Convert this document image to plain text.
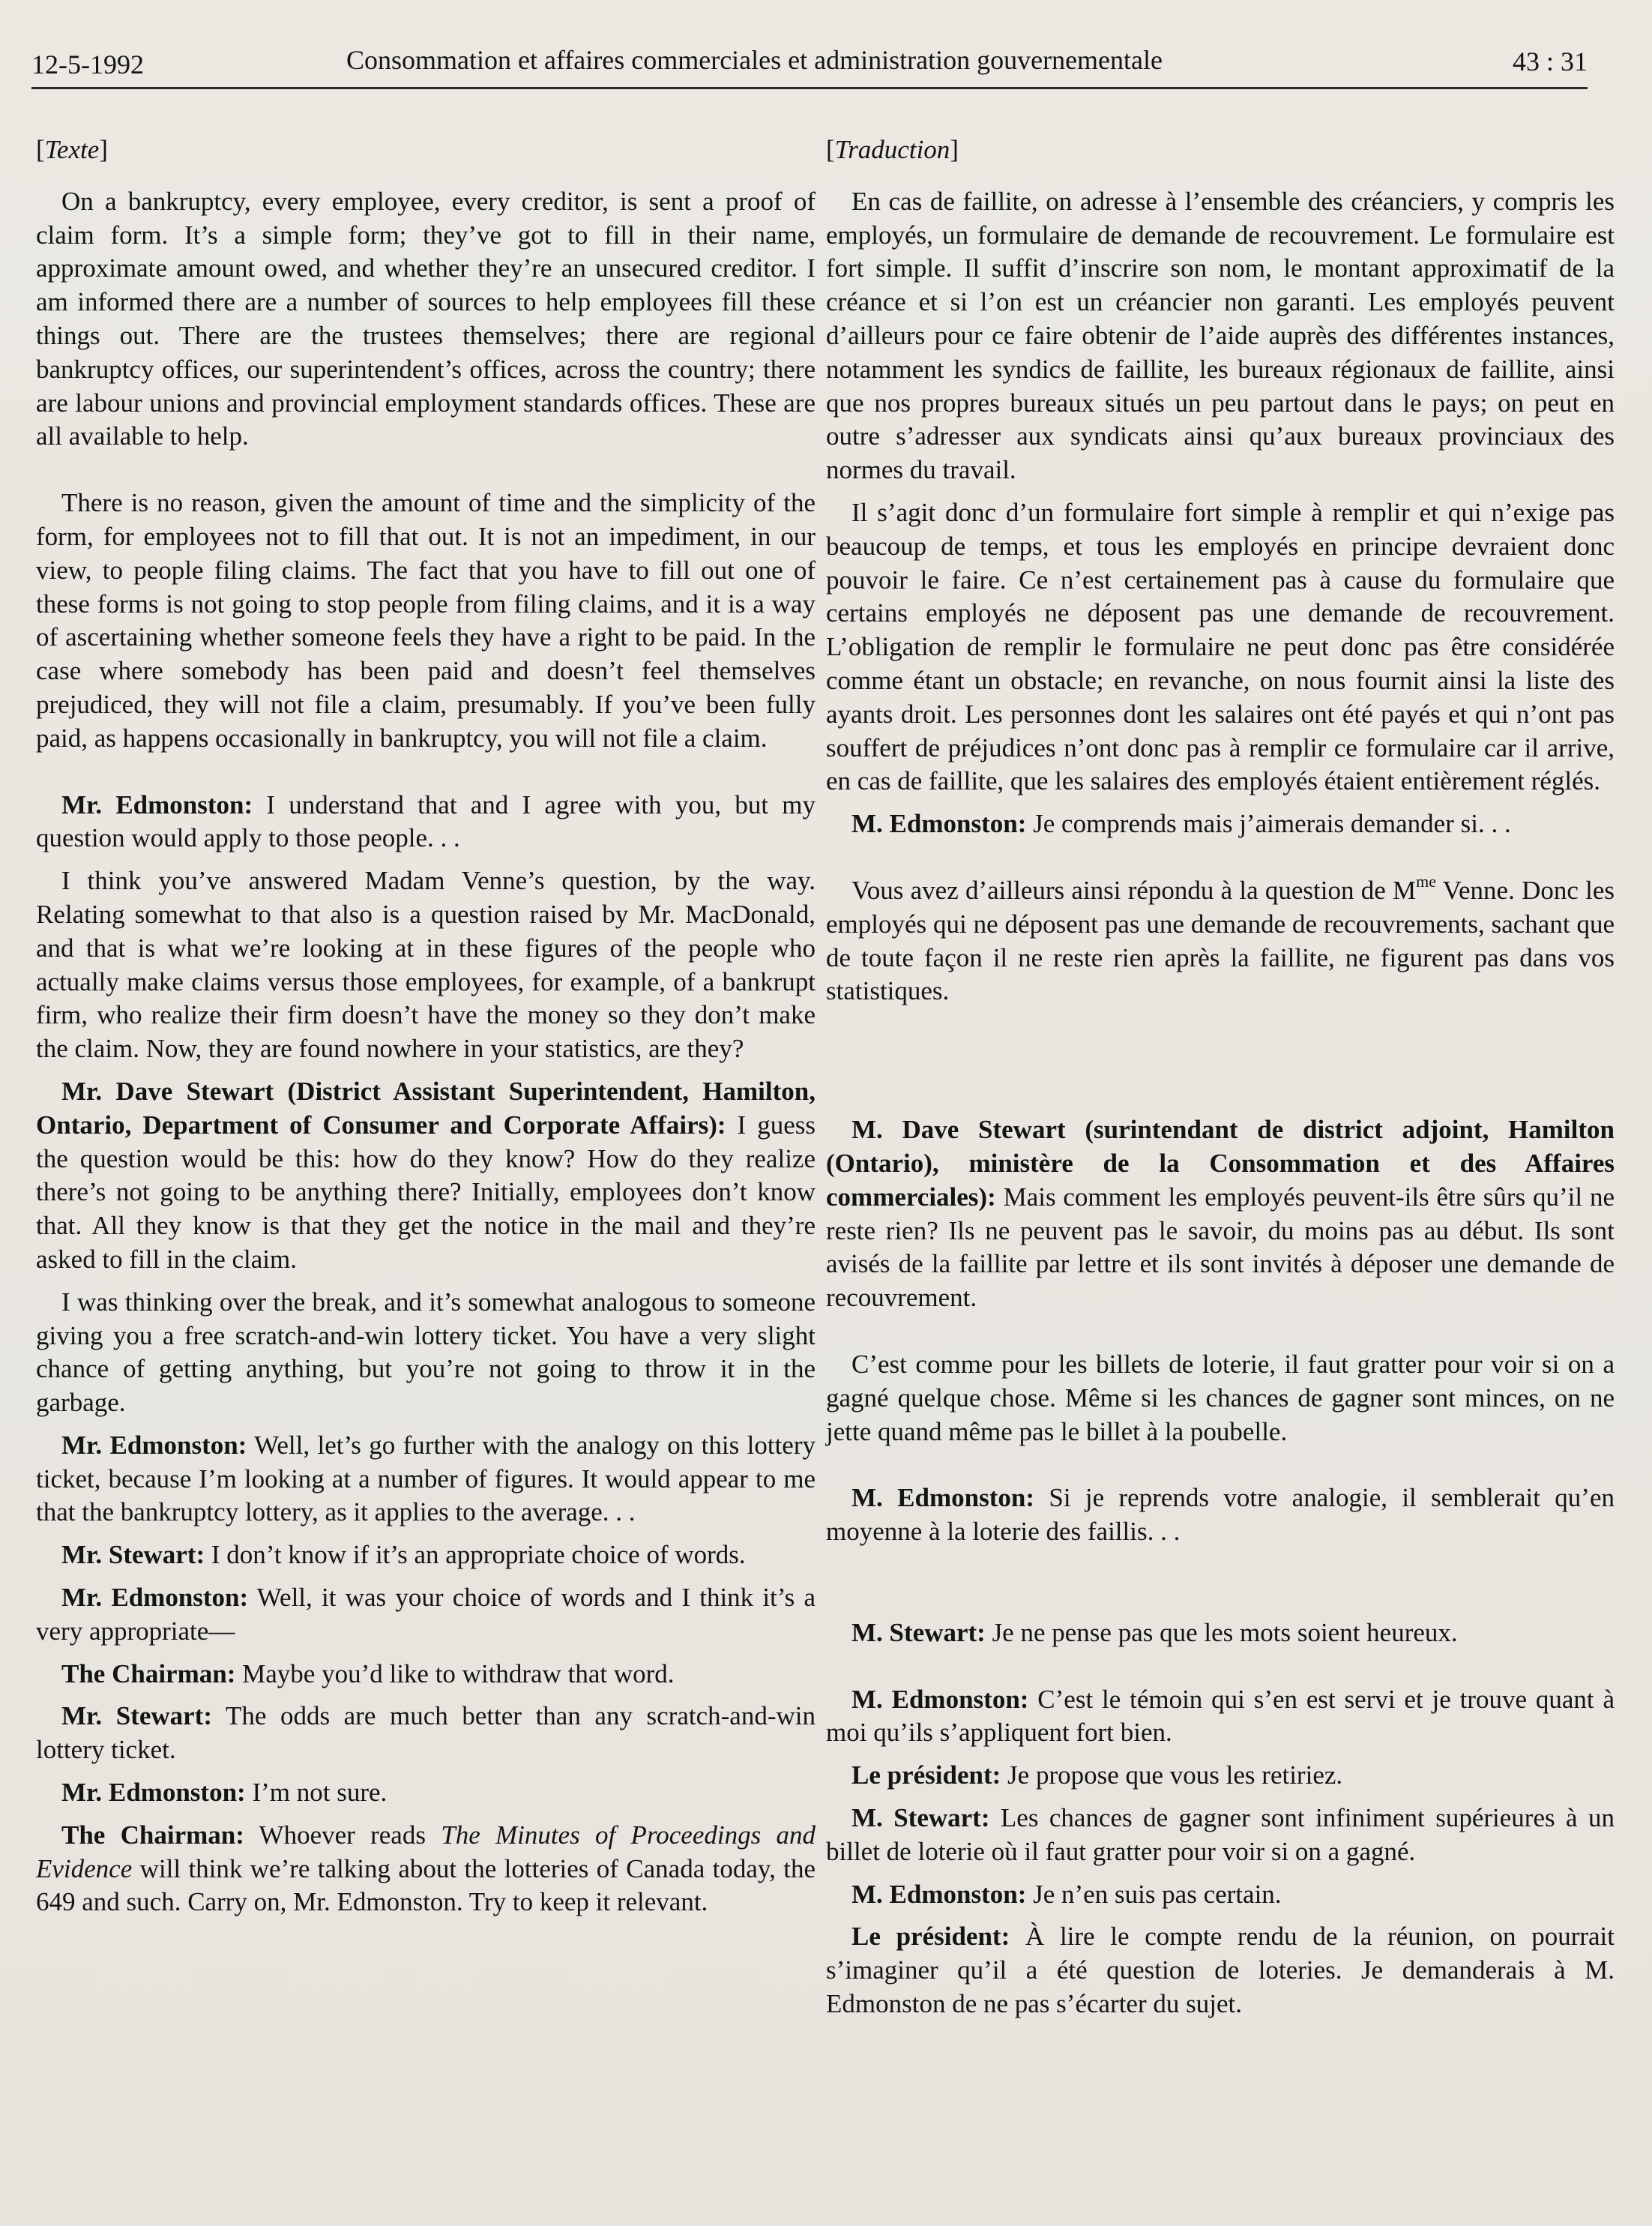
12-5-1992	Consommation et affaires commerciales et administration gouvernementale	43 : 31
[Texte]

On a bankruptcy, every employee, every creditor, is sent a proof of claim form. It’s a simple form; they’ve got to fill in their name, approximate amount owed, and whether they’re an unsecured creditor. I am informed there are a number of sources to help employees fill these things out. There are the trustees themselves; there are regional bankruptcy offices, our superintendent’s offices, across the country; there are labour unions and provincial employment standards offices. These are all available to help.

There is no reason, given the amount of time and the simplicity of the form, for employees not to fill that out. It is not an impediment, in our view, to people filing claims. The fact that you have to fill out one of these forms is not going to stop people from filing claims, and it is a way of ascertaining whether someone feels they have a right to be paid. In the case where somebody has been paid and doesn’t feel themselves prejudiced, they will not file a claim, presumably. If you’ve been fully paid, as happens occasionally in bankruptcy, you will not file a claim.

Mr. Edmonston: I understand that and I agree with you, but my question would apply to those people. . .

I think you’ve answered Madam Venne’s question, by the way. Relating somewhat to that also is a question raised by Mr. MacDonald, and that is what we’re looking at in these figures of the people who actually make claims versus those employees, for example, of a bankrupt firm, who realize their firm doesn’t have the money so they don’t make the claim. Now, they are found nowhere in your statistics, are they?

Mr. Dave Stewart (District Assistant Superintendent, Hamilton, Ontario, Department of Consumer and Corporate Affairs): I guess the question would be this: how do they know? How do they realize there’s not going to be anything there? Initially, employees don’t know that. All they know is that they get the notice in the mail and they’re asked to fill in the claim.

I was thinking over the break, and it’s somewhat analogous to someone giving you a free scratch-and-win lottery ticket. You have a very slight chance of getting anything, but you’re not going to throw it in the garbage.

Mr. Edmonston: Well, let’s go further with the analogy on this lottery ticket, because I’m looking at a number of figures. It would appear to me that the bankruptcy lottery, as it applies to the average. . .

Mr. Stewart: I don’t know if it’s an appropriate choice of words.

Mr. Edmonston: Well, it was your choice of words and I think it’s a very appropriate—

The Chairman: Maybe you’d like to withdraw that word.

Mr. Stewart: The odds are much better than any scratch-and-win lottery ticket.

Mr. Edmonston: I’m not sure.

The Chairman: Whoever reads The Minutes of Proceedings and Evidence will think we’re talking about the lotteries of Canada today, the 649 and such. Carry on, Mr. Edmonston. Try to keep it relevant.

[Traduction]

En cas de faillite, on adresse à l’ensemble des créanciers, y compris les employés, un formulaire de demande de recouvrement. Le formulaire est fort simple. Il suffit d’inscrire son nom, le montant approximatif de la créance et si l’on est un créancier non garanti. Les employés peuvent d’ailleurs pour ce faire obtenir de l’aide auprès des différentes instances, notamment les syndics de faillite, les bureaux régionaux de faillite, ainsi que nos propres bureaux situés un peu partout dans le pays; on peut en outre s’adresser aux syndicats ainsi qu’aux bureaux provinciaux des normes du travail.

Il s’agit donc d’un formulaire fort simple à remplir et qui n’exige pas beaucoup de temps, et tous les employés en principe devraient donc pouvoir le faire. Ce n’est certainement pas à cause du formulaire que certains employés ne déposent pas une demande de recouvrement. L’obligation de remplir le formulaire ne peut donc pas être considérée comme étant un obstacle; en revanche, on nous fournit ainsi la liste des ayants droit. Les personnes dont les salaires ont été payés et qui n’ont pas souffert de préjudices n’ont donc pas à remplir ce formulaire car il arrive, en cas de faillite, que les salaires des employés étaient entièrement réglés.

M. Edmonston: Je comprends mais j’aimerais demander si. . .

Vous avez d’ailleurs ainsi répondu à la question de $M^{me}$ Venne. Donc les employés qui ne déposent pas une demande de recouvrements, sachant que de toute façon il ne reste rien après la faillite, ne figurent pas dans vos statistiques.

M. Dave Stewart (surintendant de district adjoint, Hamilton (Ontario), ministère de la Consommation et des Affaires commerciales): Mais comment les employés peuvent-ils être sûrs qu’il ne reste rien? Ils ne peuvent pas le savoir, du moins pas au début. Ils sont avisés de la faillite par lettre et ils sont invités à déposer une demande de recouvrement.

C’est comme pour les billets de loterie, il faut gratter pour voir si on a gagné quelque chose. Même si les chances de gagner sont minces, on ne jette quand même pas le billet à la poubelle.

M. Edmonston: Si je reprends votre analogie, il semblerait qu’en moyenne à la loterie des faillis. . .

M. Stewart: Je ne pense pas que les mots soient heureux.

M. Edmonston: C’est le témoin qui s’en est servi et je trouve quant à moi qu’ils s’appliquent fort bien.

Le président: Je propose que vous les retiriez.

M. Stewart: Les chances de gagner sont infiniment supérieures à un billet de loterie où il faut gratter pour voir si on a gagné.

M. Edmonston: Je n’en suis pas certain.

Le président: À lire le compte rendu de la réunion, on pourrait s’imaginer qu’il a été question de loteries. Je demanderais à M. Edmonston de ne pas s’écarter du sujet.
